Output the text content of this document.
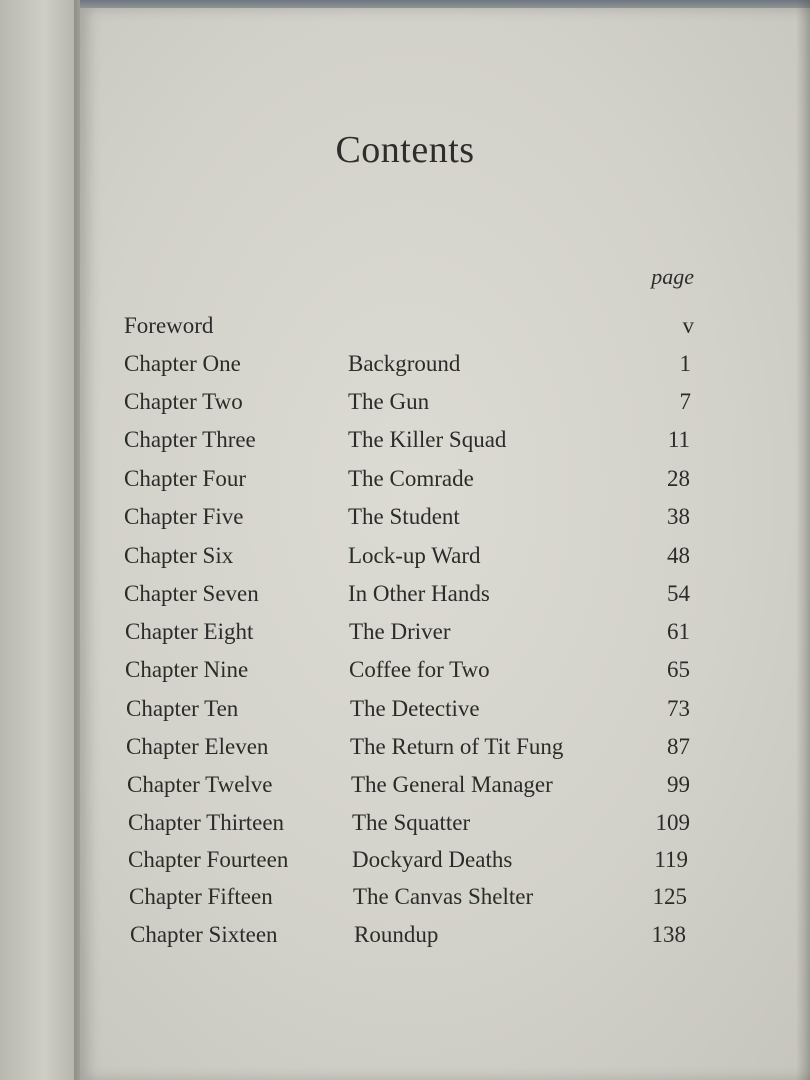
Contents
page
Foreword	v
Chapter One	Background	1
Chapter Two	The Gun	7
Chapter Three	The Killer Squad	11
Chapter Four	The Comrade	28
Chapter Five	The Student	38
Chapter Six	Lock-up Ward	48
Chapter Seven	In Other Hands	54
Chapter Eight	The Driver	61
Chapter Nine	Coffee for Two	65
Chapter Ten	The Detective	73
Chapter Eleven	The Return of Tit Fung	87
Chapter Twelve	The General Manager	99
Chapter Thirteen	The Squatter	109
Chapter Fourteen	Dockyard Deaths	119
Chapter Fifteen	The Canvas Shelter	125
Chapter Sixteen	Roundup	138
